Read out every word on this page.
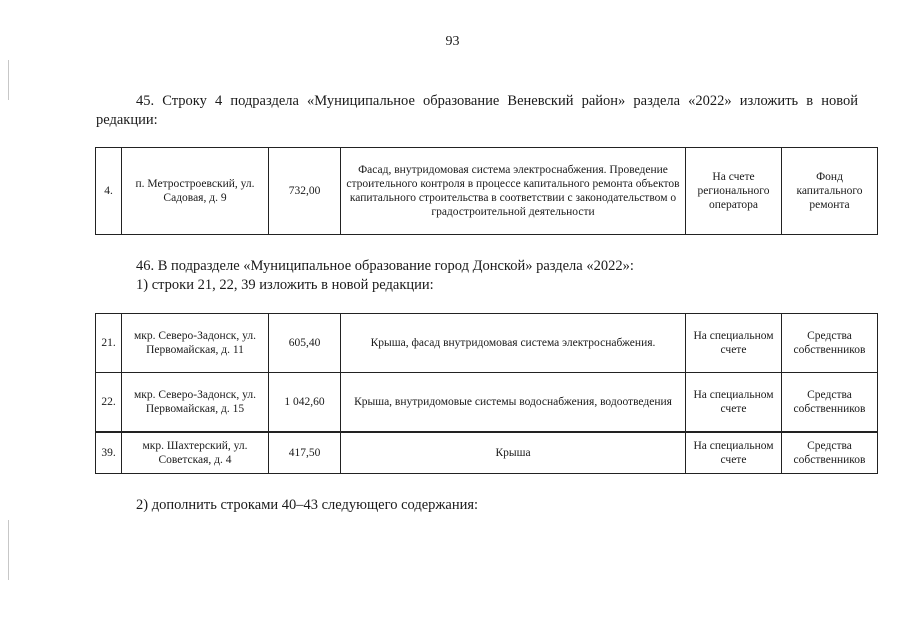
93
45. Строку 4 подраздела «Муниципальное образование Веневский район» раздела «2022» изложить в новой редакции:
4.	п. Метростроевский, ул. Садовая, д. 9	732,00	Фасад, внутридомовая система электроснабжения. Проведение строительного контроля в процессе капитального ремонта объектов капитального строительства в соответствии с законодательством о градостроительной деятельности	На счете регионального оператора	Фонд капитального ремонта
46. В подразделе «Муниципальное образование город Донской» раздела «2022»:
1) строки 21, 22, 39 изложить в новой редакции:
21.	мкр. Северо-Задонск, ул. Первомайская, д. 11	605,40	Крыша, фасад внутридомовая система электроснабжения.	На специальном счете	Средства собственников
22.	мкр. Северо-Задонск, ул. Первомайская, д. 15	1 042,60	Крыша, внутридомовые системы водоснабжения, водоотведения	На специальном счете	Средства собственников
39.	мкр. Шахтерский, ул. Советская, д. 4	417,50	Крыша	На специальном счете	Средства собственников
2) дополнить строками 40–43 следующего содержания:
